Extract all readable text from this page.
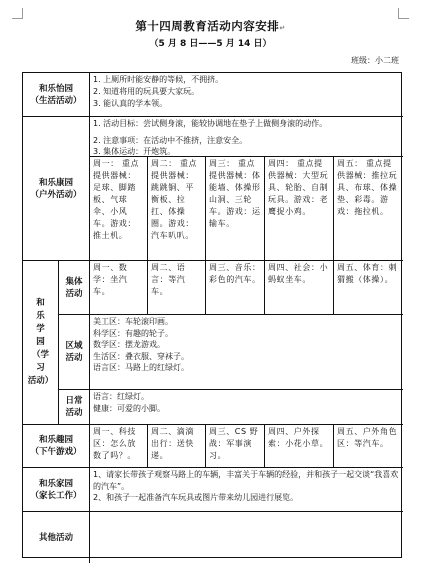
第十四周教育活动内容安排↵
（5 月 8 日——5 月 14 日）
班级：小二班
和乐怡园
（生活活动）
1. 上厕所时能安静的等候，不拥挤。
2. 知道将用的玩具要大家玩。
3. 能认真的学本领。
和乐康园
（户外活动）
1. 活动目标：尝试侧身滚，能较协调地在垫子上做侧身滚的动作。
2. 注意事项：在活动中不推挤，注意安全。
3. 集体运动：开炮筑。
周一： 重点提供器械：足球、脚踏板、气球伞、小风车。游戏：推土机。
周二： 重点提供器械：跳跳铜、平衡板、拉扛、体操圈。游戏：汽车叭叭。
周三： 重点提供器械：体能墙、体操形山洞、三轮车。游戏：运输车。
周四： 重点提供器械：大型玩具、轮胎、自制玩具。游戏：老鹰捉小鸡。
周五： 重点提供器械：推拉玩具、布球、体操垫、彩毒。游戏：拖拉机。
和
乐
学
园
（学
习
活动）
集体
活动
周一、数学：坐汽车。
周二、语言：等汽车。
周三、音乐：彩色的汽车。
周四、社会：小蚂蚁坐车。
周五、体育：刺猬搬（体操）。
区域
活动
美工区：车轮滚印画。
科学区：有趣的轮子。
数学区：摆龙游戏。
生活区：叠衣服、穿袜子。
语言区：马路上的红绿灯。
日常
活动
语言：红绿灯。
健康：可爱的小脚。
和乐趣园
（下午游戏）
周一、科技区：怎么放数了吗？。
周二、滴滴出行：送快递。
周三、CS 野战：军事演习。
周四、户外探索：小花小草。
周五、户外角色区：等汽车。
和乐家园
（家长工作）
1、请家长带孩子观察马路上的车辆，丰富关于车辆的经验，并和孩子一起交谈“我喜欢的汽车”。
2、和孩子一起准备汽车玩具或图片带来幼儿园进行展览。
其他活动
